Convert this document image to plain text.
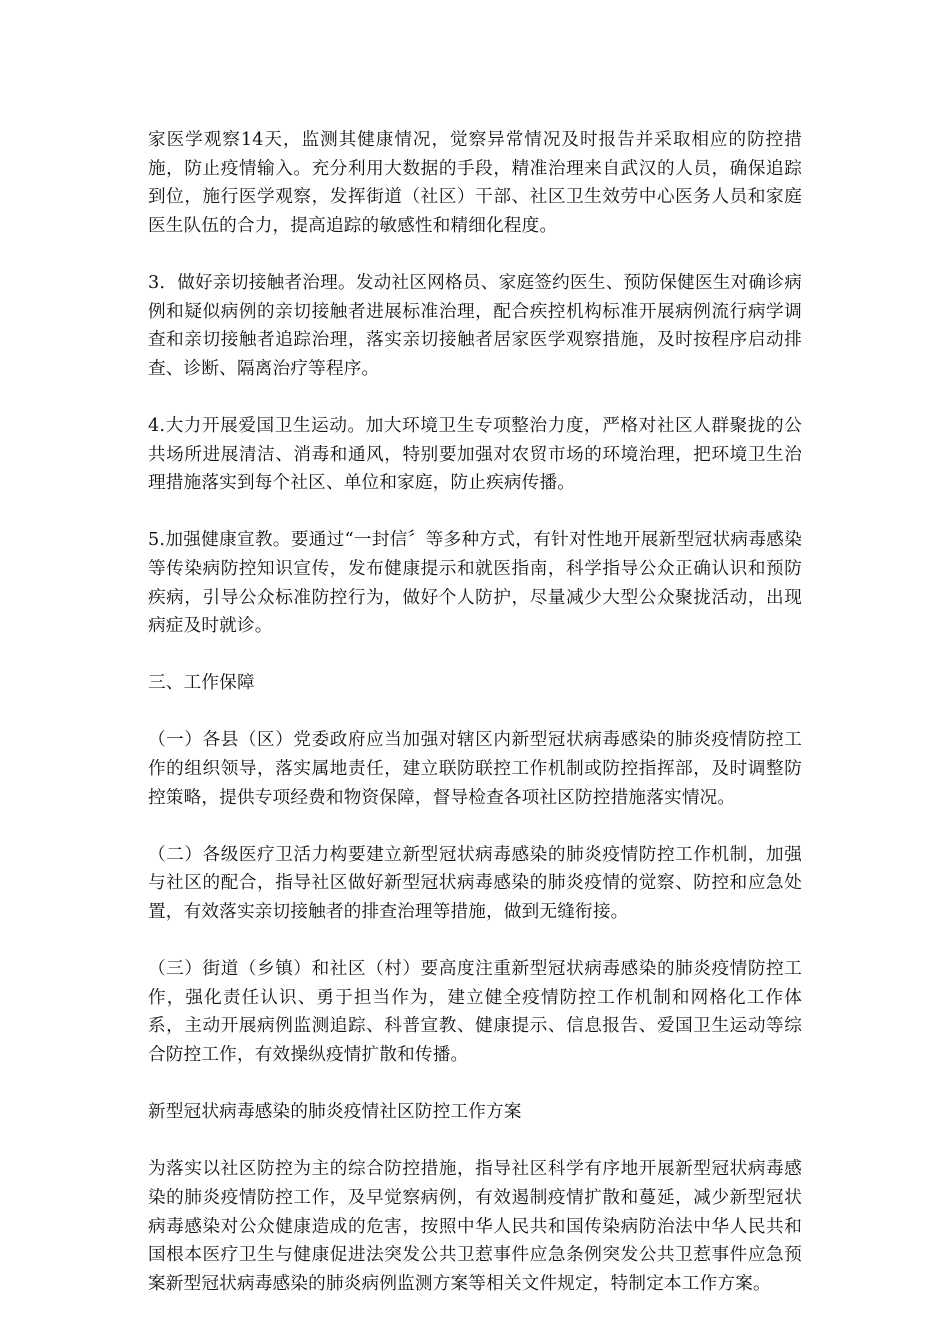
家医学观察14天，监测其健康情况，觉察异常情况及时报告并采取相应的防控措施，防止疫情输入。充分利用大数据的手段，精准治理来自武汉的人员，确保追踪到位，施行医学观察，发挥街道（社区）干部、社区卫生效劳中心医务人员和家庭医生队伍的合力，提高追踪的敏感性和精细化程度。

3．做好亲切接触者治理。发动社区网格员、家庭签约医生、预防保健医生对确诊病例和疑似病例的亲切接触者进展标准治理，配合疾控机构标准开展病例流行病学调查和亲切接触者追踪治理，落实亲切接触者居家医学观察措施，及时按程序启动排查、诊断、隔离治疗等程序。

4.大力开展爱国卫生运动。加大环境卫生专项整治力度，严格对社区人群聚拢的公共场所进展清洁、消毒和通风，特别要加强对农贸市场的环境治理，把环境卫生治理措施落实到每个社区、单位和家庭，防止疾病传播。

5.加强健康宣教。要通过“一封信〞等多种方式，有针对性地开展新型冠状病毒感染等传染病防控知识宣传，发布健康提示和就医指南，科学指导公众正确认识和预防疾病，引导公众标准防控行为，做好个人防护，尽量减少大型公众聚拢活动，出现病症及时就诊。

三、工作保障

（一）各县（区）党委政府应当加强对辖区内新型冠状病毒感染的肺炎疫情防控工作的组织领导，落实属地责任，建立联防联控工作机制或防控指挥部，及时调整防控策略，提供专项经费和物资保障，督导检查各项社区防控措施落实情况。

（二）各级医疗卫活力构要建立新型冠状病毒感染的肺炎疫情防控工作机制，加强与社区的配合，指导社区做好新型冠状病毒感染的肺炎疫情的觉察、防控和应急处置，有效落实亲切接触者的排查治理等措施，做到无缝衔接。

（三）街道（乡镇）和社区（村）要高度注重新型冠状病毒感染的肺炎疫情防控工作，强化责任认识、勇于担当作为，建立健全疫情防控工作机制和网格化工作体系，主动开展病例监测追踪、科普宣教、健康提示、信息报告、爱国卫生运动等综合防控工作，有效操纵疫情扩散和传播。

新型冠状病毒感染的肺炎疫情社区防控工作方案

为落实以社区防控为主的综合防控措施，指导社区科学有序地开展新型冠状病毒感染的肺炎疫情防控工作，及早觉察病例，有效遏制疫情扩散和蔓延，减少新型冠状病毒感染对公众健康造成的危害，按照中华人民共和国传染病防治法中华人民共和国根本医疗卫生与健康促进法突发公共卫惹事件应急条例突发公共卫惹事件应急预案新型冠状病毒感染的肺炎病例监测方案等相关文件规定，特制定本工作方案。
